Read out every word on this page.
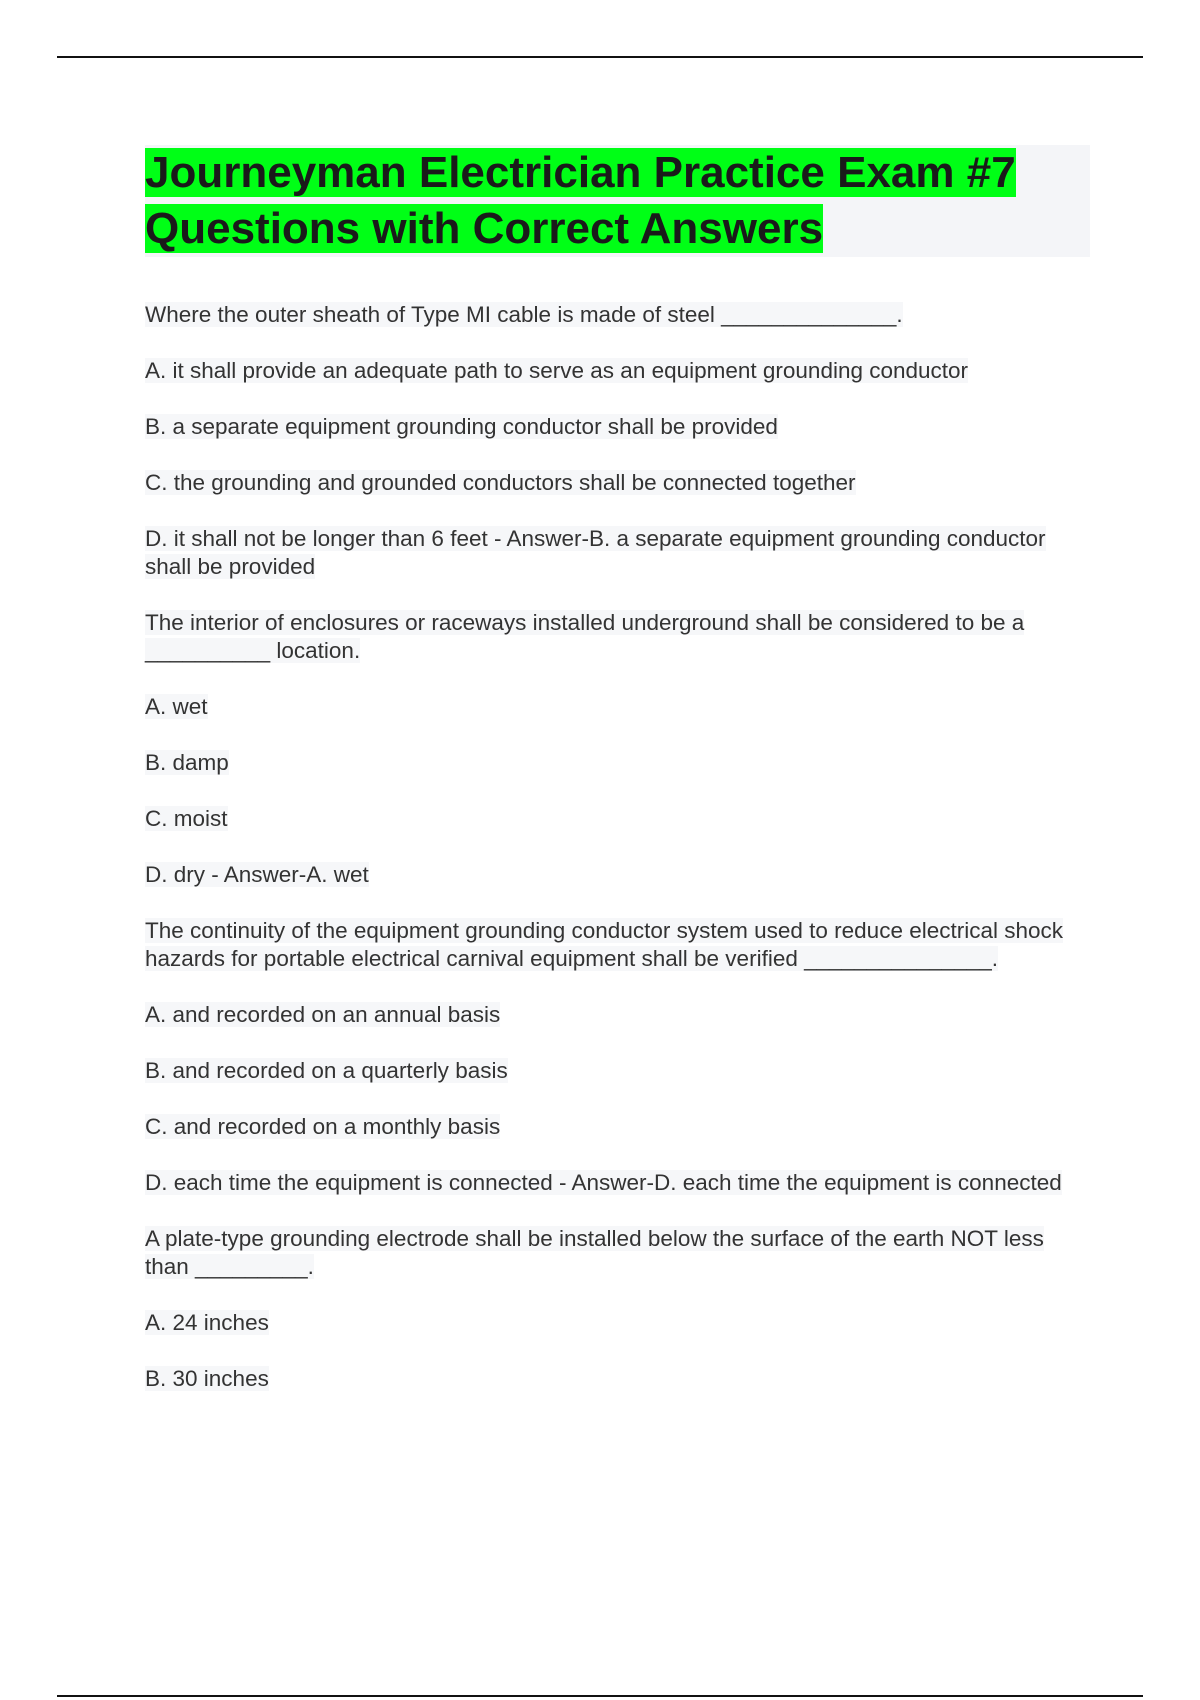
Journeyman Electrician Practice Exam #7 Questions with Correct Answers

Where the outer sheath of Type MI cable is made of steel ______________.

A. it shall provide an adequate path to serve as an equipment grounding conductor

B. a separate equipment grounding conductor shall be provided

C. the grounding and grounded conductors shall be connected together

D. it shall not be longer than 6 feet - Answer-B. a separate equipment grounding conductor shall be provided

The interior of enclosures or raceways installed underground shall be considered to be a __________ location.

A. wet

B. damp

C. moist

D. dry - Answer-A. wet

The continuity of the equipment grounding conductor system used to reduce electrical shock hazards for portable electrical carnival equipment shall be verified _______________.

A. and recorded on an annual basis

B. and recorded on a quarterly basis

C. and recorded on a monthly basis

D. each time the equipment is connected - Answer-D. each time the equipment is connected

A plate-type grounding electrode shall be installed below the surface of the earth NOT less than _________.

A. 24 inches

B. 30 inches
